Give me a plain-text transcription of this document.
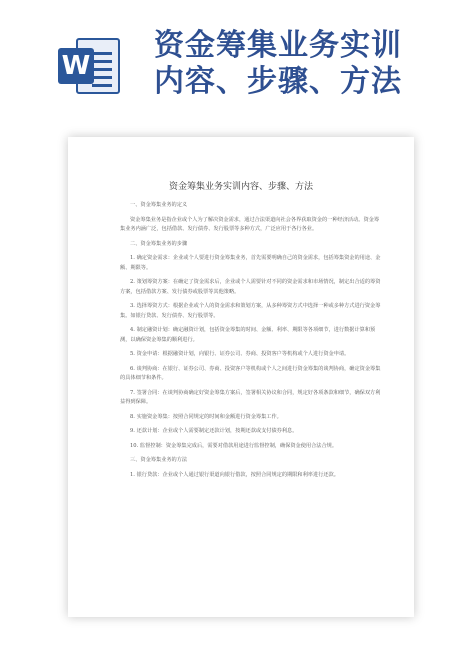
W
资金筹集业务实训
内容、步骤、方法
资金筹集业务实训内容、步骤、方法
一、资金筹集业务的定义

资金筹集业务是指企业或个人为了解决资金需求，通过合法渠道向社会各界获取资金的一种经济活动。资金筹集业务内涵广泛，包括借款、发行债券、发行股票等多种方式，广泛应用于各行各业。

二、资金筹集业务的步骤

1. 确定资金需求：企业或个人要进行资金筹集业务，首先需要明确自己的资金需求，包括筹集资金的用途、金额、期限等。

2. 策划筹资方案：在确定了资金需求后，企业或个人需要针对不同的资金需求和市场情况，制定出合适的筹资方案，包括借款方案、发行债券或股票等其他策略。

3. 选择筹资方式：根据企业或个人的资金需求和策划方案，从多种筹资方式中选择一种或多种方式进行资金筹集。如银行贷款、发行债券、发行股票等。

4. 制定融资计划：确定融资计划，包括资金筹集的时间、金额、利率、期限等各项细节，进行数据计算和预测，以确保资金筹集的顺利进行。

5. 资金申请：根据融资计划，向银行、证券公司、券商、投资客户等机构或个人进行资金申请。

6. 谈判协商：在银行、证券公司、券商、投资客户等机构或个人之间进行资金筹集的谈判协商，确定资金筹集的具体细节和条件。

7. 签署合同：在谈判协商确定好资金筹集方案后，签署相关协议和合同，规定好各项条款和细节，确保双方利益得到保障。

8. 实施资金筹集：按照合同规定的时间和金额进行资金筹集工作。

9. 还款计划：企业或个人需要制定还款计划，按期还款或支付债券利息。

10. 监督控制：资金筹集完成后，需要对借款用途进行监督控制，确保资金使用合法合规。

三、资金筹集业务的方法

1. 银行贷款：企业或个人通过银行渠道向银行借款，按照合同规定的期限和利率进行还款。
